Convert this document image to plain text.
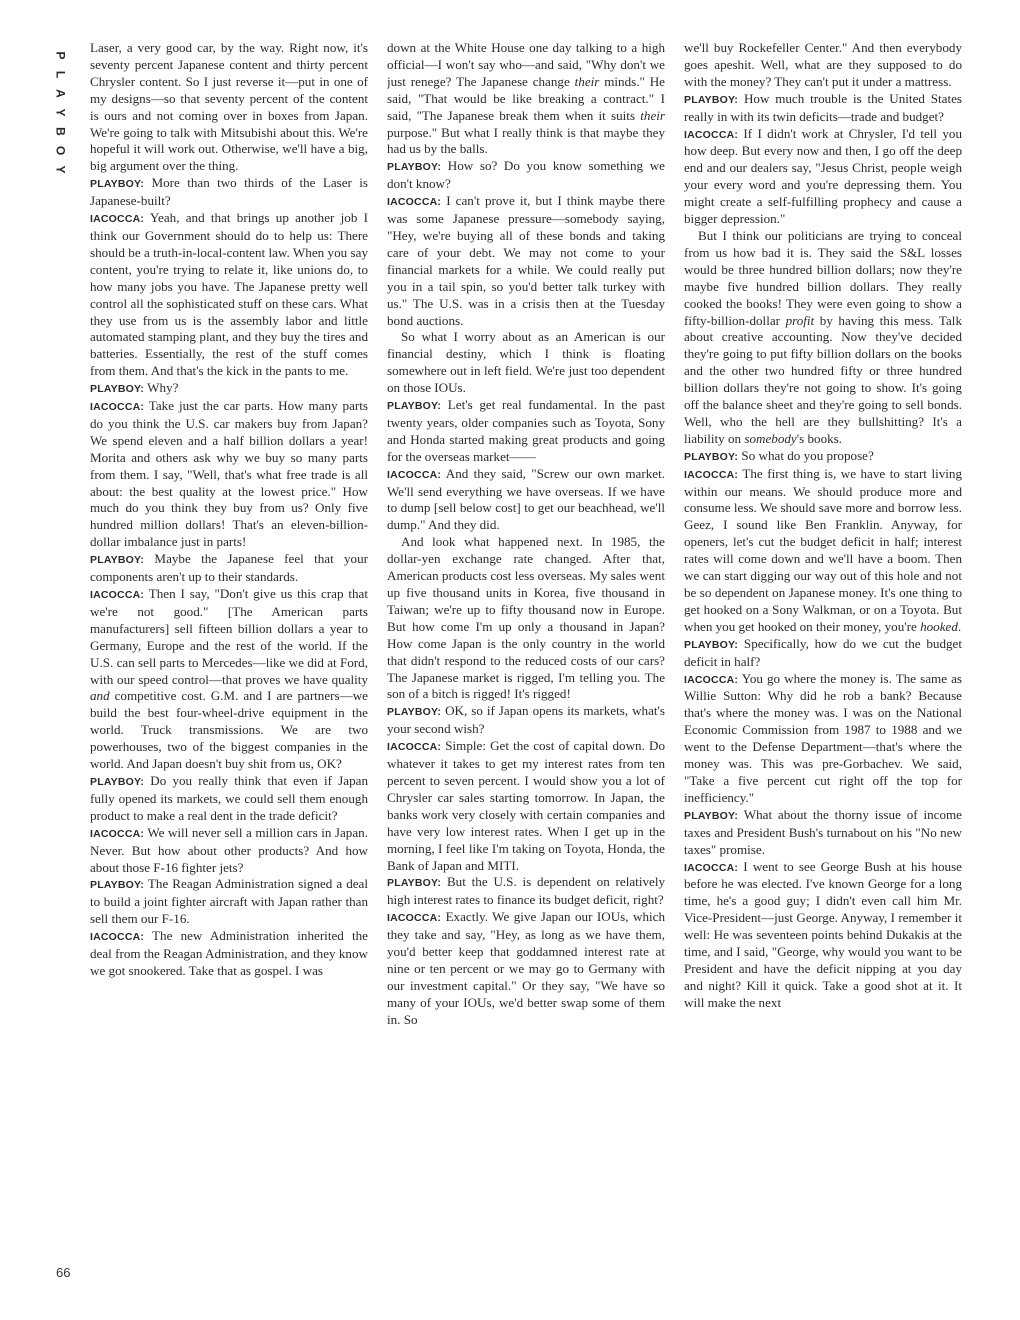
P
L
A
Y
B
O
Y

Laser, a very good car, by the way. Right now, it's seventy percent Japanese content and thirty percent Chrysler content. So I just reverse it—put in one of my designs—so that seventy percent of the content is ours and not coming over in boxes from Japan. We're going to talk with Mitsubishi about this. We're hopeful it will work out. Otherwise, we'll have a big, big argument over the thing.

PLAYBOY: More than two thirds of the Laser is Japanese-built?

IACOCCA: Yeah, and that brings up another job I think our Government should do to help us: There should be a truth-in-local-content law. When you say content, you're trying to relate it, like unions do, to how many jobs you have. The Japanese pretty well control all the sophisticated stuff on these cars. What they use from us is the assembly labor and little automated stamping plant, and they buy the tires and batteries. Essentially, the rest of the stuff comes from them. And that's the kick in the pants to me.

PLAYBOY: Why?

IACOCCA: Take just the car parts. How many parts do you think the U.S. car makers buy from Japan? We spend eleven and a half billion dollars a year! Morita and others ask why we buy so many parts from them. I say, "Well, that's what free trade is all about: the best quality at the lowest price." How much do you think they buy from us? Only five hundred million dollars! That's an eleven-billion-dollar imbalance just in parts!

PLAYBOY: Maybe the Japanese feel that your components aren't up to their standards.

IACOCCA: Then I say, "Don't give us this crap that we're not good." [The American parts manufacturers] sell fifteen billion dollars a year to Germany, Europe and the rest of the world. If the U.S. can sell parts to Mercedes—like we did at Ford, with our speed control—that proves we have quality and competitive cost. G.M. and I are partners—we build the best four-wheel-drive equipment in the world. Truck transmissions. We are two powerhouses, two of the biggest companies in the world. And Japan doesn't buy shit from us, OK?

PLAYBOY: Do you really think that even if Japan fully opened its markets, we could sell them enough product to make a real dent in the trade deficit?

IACOCCA: We will never sell a million cars in Japan. Never. But how about other products? And how about those F-16 fighter jets?

PLAYBOY: The Reagan Administration signed a deal to build a joint fighter aircraft with Japan rather than sell them our F-16.

IACOCCA: The new Administration inherited the deal from the Reagan Administration, and they know we got snookered. Take that as gospel. I was

down at the White House one day talking to a high official—I won't say who—and said, "Why don't we just renege? The Japanese change their minds." He said, "That would be like breaking a contract." I said, "The Japanese break them when it suits their purpose." But what I really think is that maybe they had us by the balls.

PLAYBOY: How so? Do you know something we don't know?

IACOCCA: I can't prove it, but I think maybe there was some Japanese pressure—somebody saying, "Hey, we're buying all of these bonds and taking care of your debt. We may not come to your financial markets for a while. We could really put you in a tail spin, so you'd better talk turkey with us." The U.S. was in a crisis then at the Tuesday bond auctions.

So what I worry about as an American is our financial destiny, which I think is floating somewhere out in left field. We're just too dependent on those IOUs.

PLAYBOY: Let's get real fundamental. In the past twenty years, older companies such as Toyota, Sony and Honda started making great products and going for the overseas market——

IACOCCA: And they said, "Screw our own market. We'll send everything we have overseas. If we have to dump [sell below cost] to get our beachhead, we'll dump." And they did.

And look what happened next. In 1985, the dollar-yen exchange rate changed. After that, American products cost less overseas. My sales went up five thousand units in Korea, five thousand in Taiwan; we're up to fifty thousand now in Europe. But how come I'm up only a thousand in Japan? How come Japan is the only country in the world that didn't respond to the reduced costs of our cars? The Japanese market is rigged, I'm telling you. The son of a bitch is rigged! It's rigged!

PLAYBOY: OK, so if Japan opens its markets, what's your second wish?

IACOCCA: Simple: Get the cost of capital down. Do whatever it takes to get my interest rates from ten percent to seven percent. I would show you a lot of Chrysler car sales starting tomorrow. In Japan, the banks work very closely with certain companies and have very low interest rates. When I get up in the morning, I feel like I'm taking on Toyota, Honda, the Bank of Japan and MITI.

PLAYBOY: But the U.S. is dependent on relatively high interest rates to finance its budget deficit, right?

IACOCCA: Exactly. We give Japan our IOUs, which they take and say, "Hey, as long as we have them, you'd better keep that goddamned interest rate at nine or ten percent or we may go to Germany with our investment capital." Or they say, "We have so many of your IOUs, we'd better swap some of them in. So

we'll buy Rockefeller Center." And then everybody goes apeshit. Well, what are they supposed to do with the money? They can't put it under a mattress.

PLAYBOY: How much trouble is the United States really in with its twin deficits—trade and budget?

IACOCCA: If I didn't work at Chrysler, I'd tell you how deep. But every now and then, I go off the deep end and our dealers say, "Jesus Christ, people weigh your every word and you're depressing them. You might create a self-fulfilling prophecy and cause a bigger depression."

But I think our politicians are trying to conceal from us how bad it is. They said the S&L losses would be three hundred billion dollars; now they're maybe five hundred billion dollars. They really cooked the books! They were even going to show a fifty-billion-dollar profit by having this mess. Talk about creative accounting. Now they've decided they're going to put fifty billion dollars on the books and the other two hundred fifty or three hundred billion dollars they're not going to show. It's going off the balance sheet and they're going to sell bonds. Well, who the hell are they bullshitting? It's a liability on somebody's books.

PLAYBOY: So what do you propose?

IACOCCA: The first thing is, we have to start living within our means. We should produce more and consume less. We should save more and borrow less. Geez, I sound like Ben Franklin. Anyway, for openers, let's cut the budget deficit in half; interest rates will come down and we'll have a boom. Then we can start digging our way out of this hole and not be so dependent on Japanese money. It's one thing to get hooked on a Sony Walkman, or on a Toyota. But when you get hooked on their money, you're hooked.

PLAYBOY: Specifically, how do we cut the budget deficit in half?

IACOCCA: You go where the money is. The same as Willie Sutton: Why did he rob a bank? Because that's where the money was. I was on the National Economic Commission from 1987 to 1988 and we went to the Defense Department—that's where the money was. This was pre-Gorbachev. We said, "Take a five percent cut right off the top for inefficiency."

PLAYBOY: What about the thorny issue of income taxes and President Bush's turnabout on his "No new taxes" promise.

IACOCCA: I went to see George Bush at his house before he was elected. I've known George for a long time, he's a good guy; I didn't even call him Mr. Vice-President—just George. Anyway, I remember it well: He was seventeen points behind Dukakis at the time, and I said, "George, why would you want to be President and have the deficit nipping at you day and night? Kill it quick. Take a good shot at it. It will make the next

66
